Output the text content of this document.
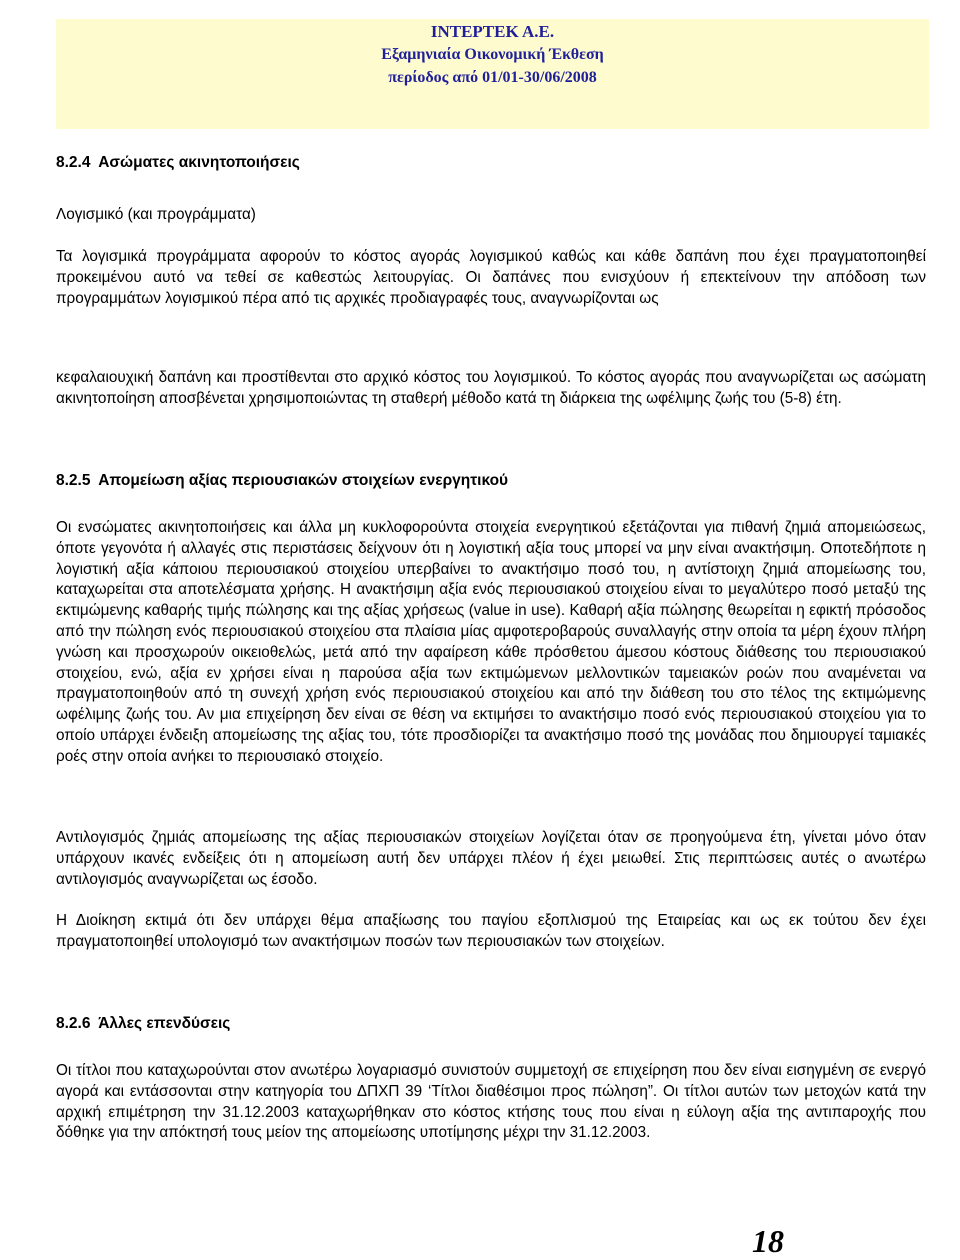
INTEPTEK A.E.
Εξαμηνιαία Οικονομική Έκθεση
περίοδος από 01/01-30/06/2008
8.2.4 Ασώματες ακινητοποιήσεις
Λογισμικό (και προγράμματα)
Τα λογισμικά προγράμματα αφορούν το κόστος αγοράς λογισμικού καθώς και κάθε δαπάνη που έχει πραγματοποιηθεί προκειμένου αυτό να τεθεί σε καθεστώς λειτουργίας. Οι δαπάνες που ενισχύουν ή επεκτείνουν την απόδοση των προγραμμάτων λογισμικού πέρα από τις αρχικές προδιαγραφές τους, αναγνωρίζονται ως
κεφαλαιουχική δαπάνη και προστίθενται στο αρχικό κόστος του λογισμικού. Το κόστος αγοράς που αναγνωρίζεται ως ασώματη ακινητοποίηση αποσβένεται χρησιμοποιώντας τη σταθερή μέθοδο κατά τη διάρκεια της ωφέλιμης ζωής του (5-8) έτη.
8.2.5 Απομείωση αξίας περιουσιακών στοιχείων ενεργητικού
Οι ενσώματες ακινητοποιήσεις και άλλα μη κυκλοφορούντα στοιχεία ενεργητικού εξετάζονται για πιθανή ζημιά απομειώσεως, όποτε γεγονότα ή αλλαγές στις περιστάσεις δείχνουν ότι η λογιστική αξία τους μπορεί να μην είναι ανακτήσιμη. Οποτεδήποτε η λογιστική αξία κάποιου περιουσιακού στοιχείου υπερβαίνει το ανακτήσιμο ποσό του, η αντίστοιχη ζημιά απομείωσης του, καταχωρείται στα αποτελέσματα χρήσης. Η ανακτήσιμη αξία ενός περιουσιακού στοιχείου είναι το μεγαλύτερο ποσό μεταξύ της εκτιμώμενης καθαρής τιμής πώλησης και της αξίας χρήσεως (value in use). Καθαρή αξία πώλησης θεωρείται η εφικτή πρόσοδος από την πώληση ενός περιουσιακού στοιχείου στα πλαίσια μίας αμφοτεροβαρούς συναλλαγής στην οποία τα μέρη έχουν πλήρη γνώση και προσχωρούν οικειοθελώς, μετά από την αφαίρεση κάθε πρόσθετου άμεσου κόστους διάθεσης του περιουσιακού στοιχείου, ενώ, αξία εν χρήσει είναι η παρούσα αξία των εκτιμώμενων μελλοντικών ταμειακών ροών που αναμένεται να πραγματοποιηθούν από τη συνεχή χρήση ενός περιουσιακού στοιχείου και από την διάθεση του στο τέλος της εκτιμώμενης ωφέλιμης ζωής του. Αν μια επιχείρηση δεν είναι σε θέση να εκτιμήσει το ανακτήσιμο ποσό ενός περιουσιακού στοιχείου για το οποίο υπάρχει ένδειξη απομείωσης της αξίας του, τότε προσδιορίζει τα ανακτήσιμο ποσό της μονάδας που δημιουργεί ταμιακές ροές στην οποία ανήκει το περιουσιακό στοιχείο.
Αντιλογισμός ζημιάς απομείωσης της αξίας περιουσιακών στοιχείων λογίζεται όταν σε προηγούμενα έτη, γίνεται μόνο όταν υπάρχουν ικανές ενδείξεις ότι η απομείωση αυτή δεν υπάρχει πλέον ή έχει μειωθεί. Στις περιπτώσεις αυτές ο ανωτέρω αντιλογισμός αναγνωρίζεται ως έσοδο.
Η Διοίκηση εκτιμά ότι δεν υπάρχει θέμα απαξίωσης του παγίου εξοπλισμού της Εταιρείας και ως εκ τούτου δεν έχει πραγματοποιηθεί υπολογισμό των ανακτήσιμων ποσών των περιουσιακών των στοιχείων.
8.2.6 Άλλες επενδύσεις
Οι τίτλοι που καταχωρούνται στον ανωτέρω λογαριασμό συνιστούν συμμετοχή σε επιχείρηση που δεν είναι εισηγμένη σε ενεργό αγορά και εντάσσονται στην κατηγορία του ΔΠΧΠ 39 ‘Τίτλοι διαθέσιμοι προς πώληση”. Οι τίτλοι αυτών των μετοχών κατά την αρχική επιμέτρηση την 31.12.2003 καταχωρήθηκαν στο κόστος κτήσης τους που είναι η εύλογη αξία της αντιπαροχής που δόθηκε για την απόκτησή τους μείον της απομείωσης υποτίμησης μέχρι την 31.12.2003.
18
